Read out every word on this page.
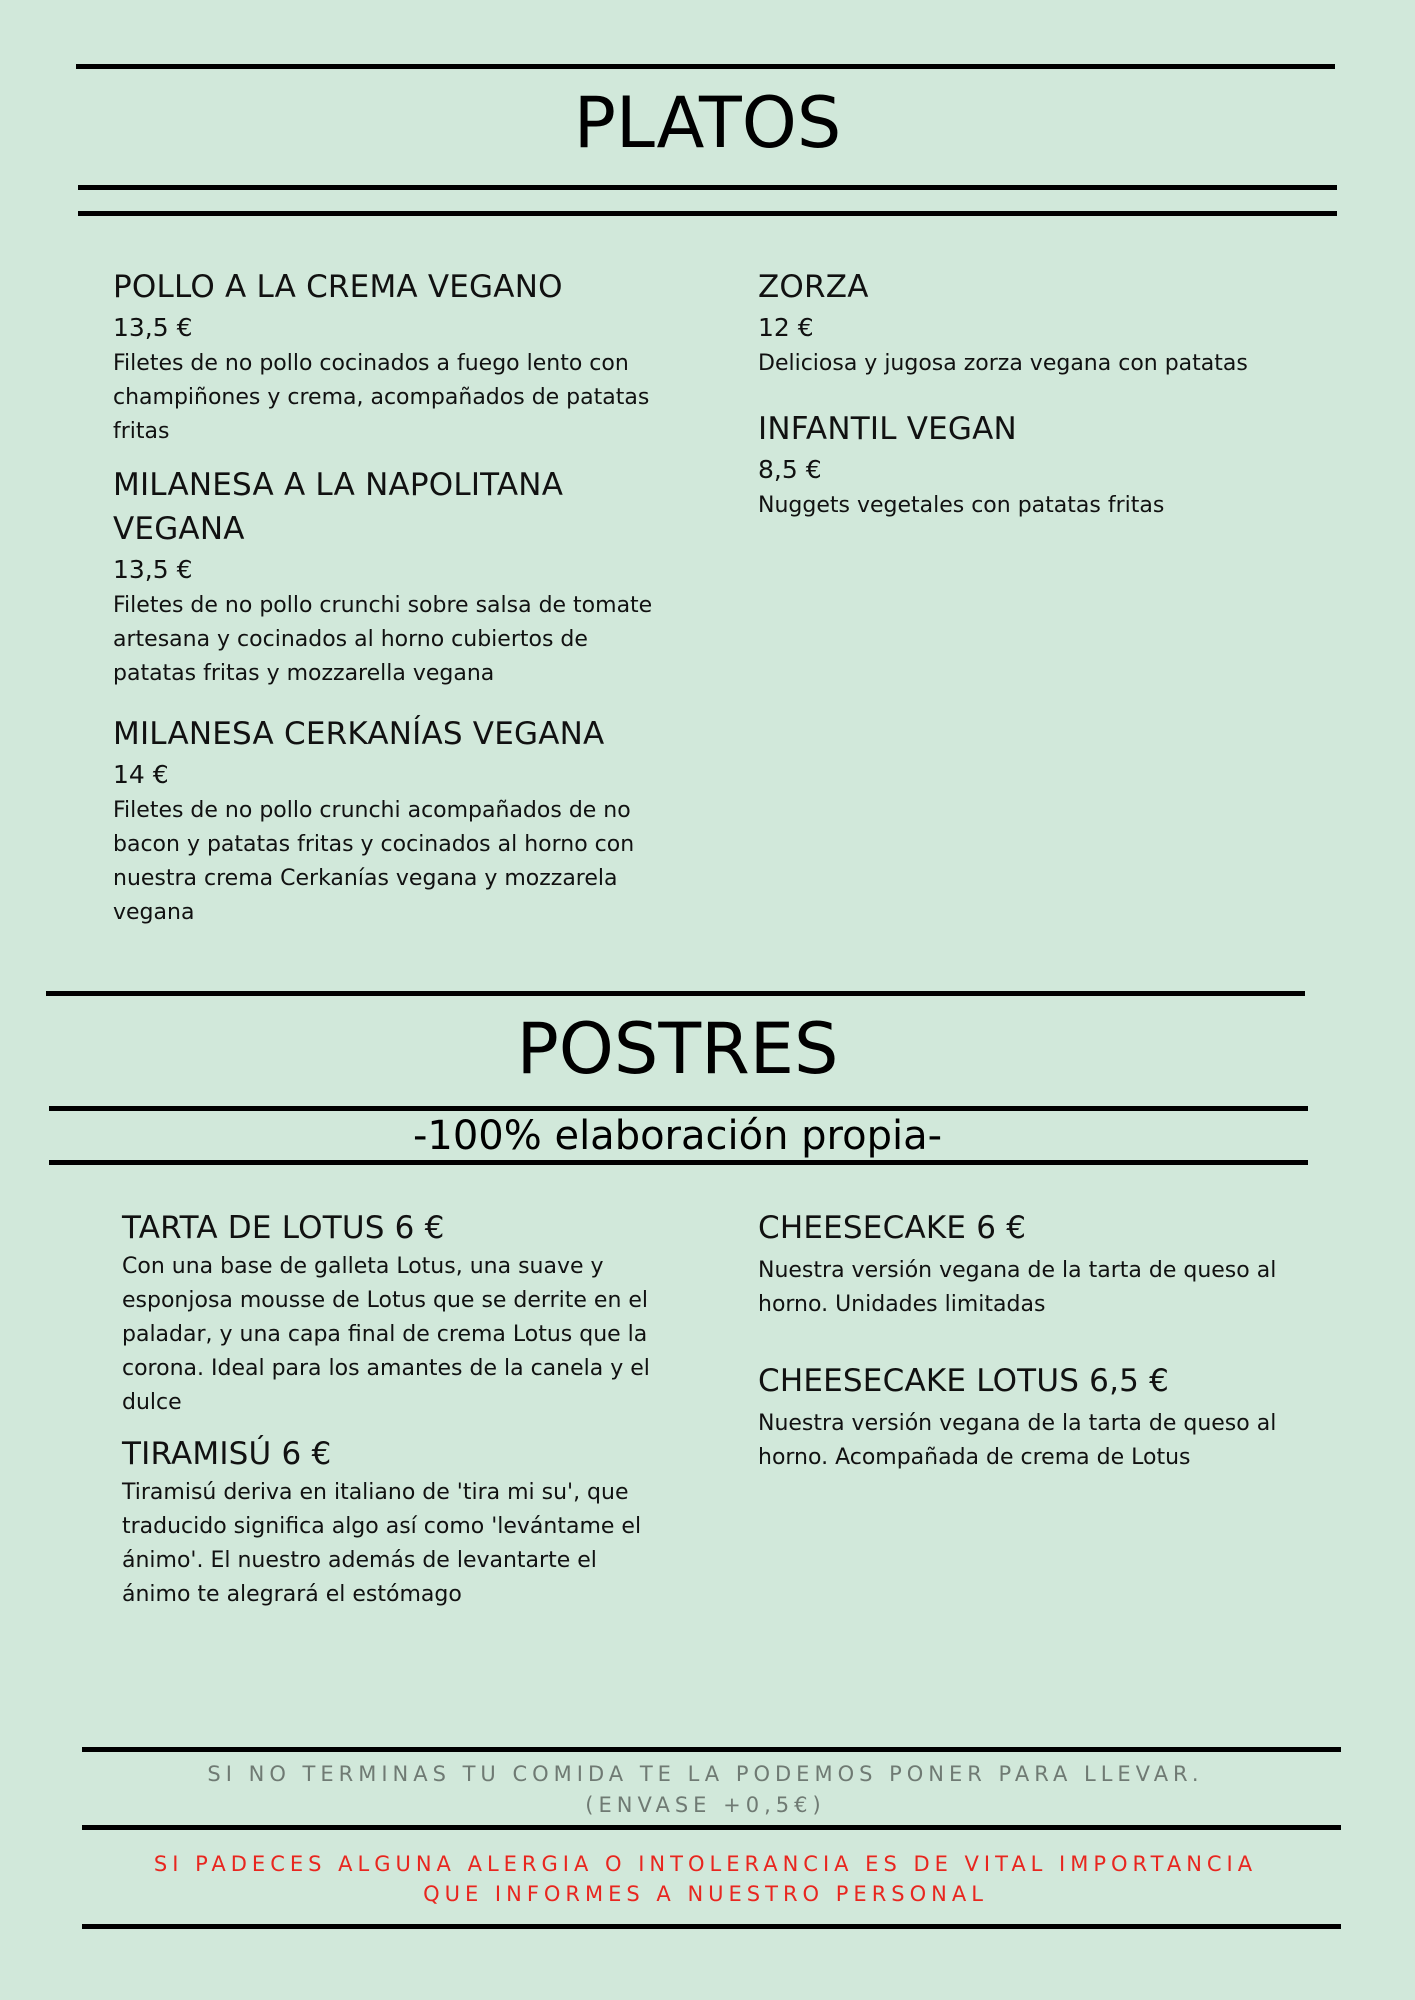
PLATOS
POLLO A LA CREMA VEGANO
13,5 €
Filetes de no pollo cocinados a fuego lento con champiñones y crema, acompañados de patatas fritas
MILANESA A LA NAPOLITANA VEGANA
13,5 €
Filetes de no pollo crunchi sobre salsa de tomate artesana y cocinados al horno cubiertos de patatas fritas y mozzarella vegana
MILANESA CERKANÍAS VEGANA
14 €
Filetes de no pollo crunchi acompañados de no bacon y patatas fritas y cocinados al horno con nuestra crema Cerkanías vegana y mozzarela vegana
ZORZA
12 €
Deliciosa y jugosa zorza vegana con patatas
INFANTIL VEGAN
8,5 €
Nuggets vegetales con patatas fritas
POSTRES
-100% elaboración propia-
TARTA DE LOTUS 6 €
Con una base de galleta Lotus, una suave y esponjosa mousse de Lotus que se derrite en el paladar, y una capa final de crema Lotus que la corona. Ideal para los amantes de la canela y el dulce
TIRAMISÚ 6 €
Tiramisú deriva en italiano de 'tira mi su', que traducido significa algo así como 'levántame el ánimo'. El nuestro además de levantarte el ánimo te alegrará el estómago
CHEESECAKE 6 €
Nuestra versión vegana de la tarta de queso al horno. Unidades limitadas
CHEESECAKE LOTUS 6,5 €
Nuestra versión vegana de la tarta de queso al horno. Acompañada de crema de Lotus
SI NO TERMINAS TU COMIDA TE LA PODEMOS PONER PARA LLEVAR.
(ENVASE +0,5€)
SI PADECES ALGUNA ALERGIA O INTOLERANCIA ES DE VITAL IMPORTANCIA
QUE INFORMES A NUESTRO PERSONAL
